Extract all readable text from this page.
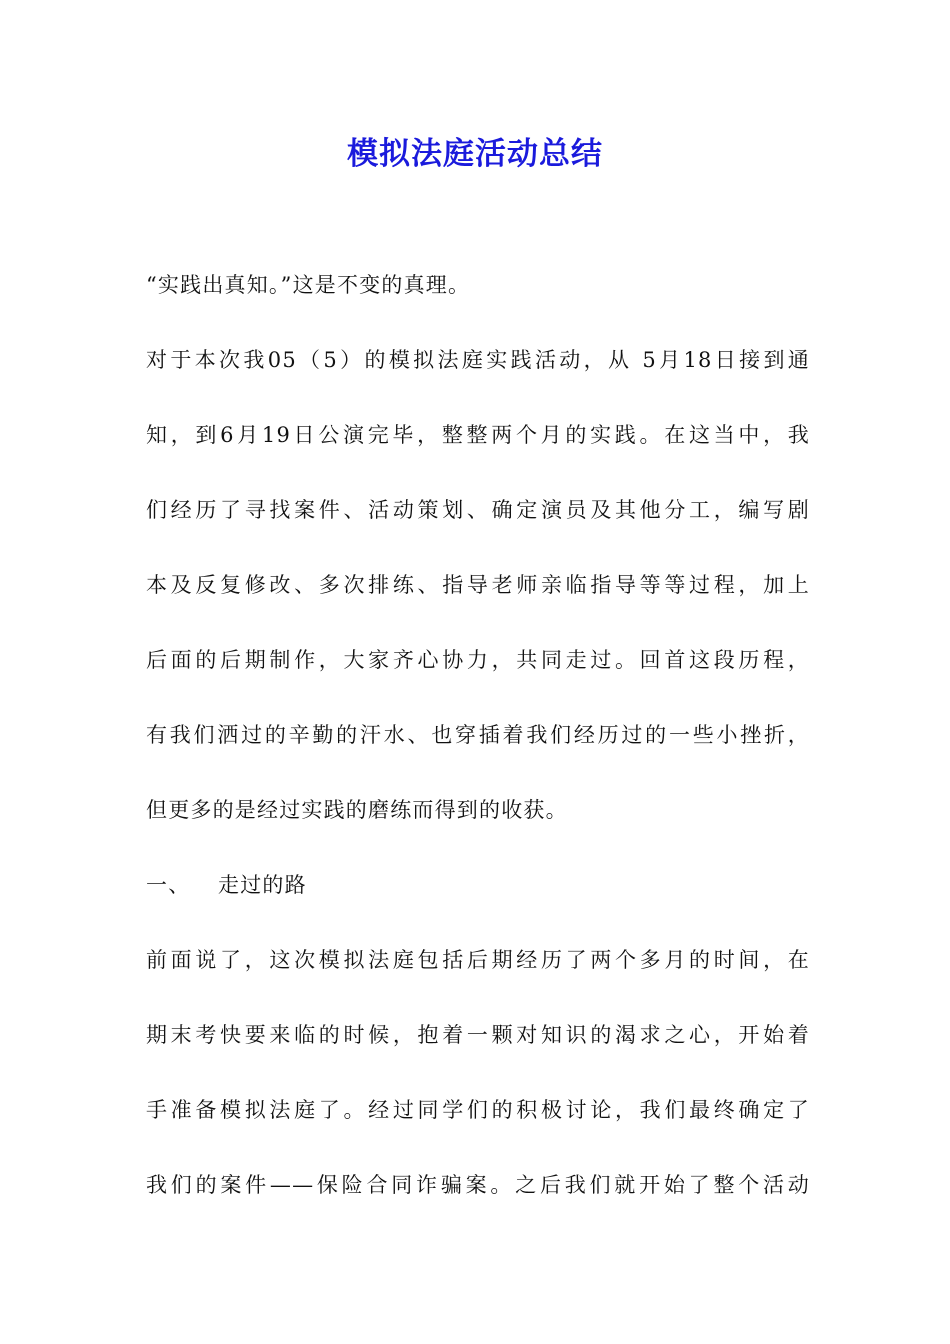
模拟法庭活动总结
“实践出真知。”这是不变的真理。
对于本次我05（5）的模拟法庭实践活动，从 5月18日接到通
知，到6月19日公演完毕，整整两个月的实践。在这当中，我
们经历了寻找案件、活动策划、确定演员及其他分工，编写剧
本及反复修改、多次排练、指导老师亲临指导等等过程，加上
后面的后期制作，大家齐心协力，共同走过。回首这段历程，
有我们洒过的辛勤的汗水、也穿插着我们经历过的一些小挫折，
但更多的是经过实践的磨练而得到的收获。
一、 走过的路
前面说了，这次模拟法庭包括后期经历了两个多月的时间，在
期末考快要来临的时候，抱着一颗对知识的渴求之心，开始着
手准备模拟法庭了。经过同学们的积极讨论，我们最终确定了
我们的案件——保险合同诈骗案。之后我们就开始了整个活动
